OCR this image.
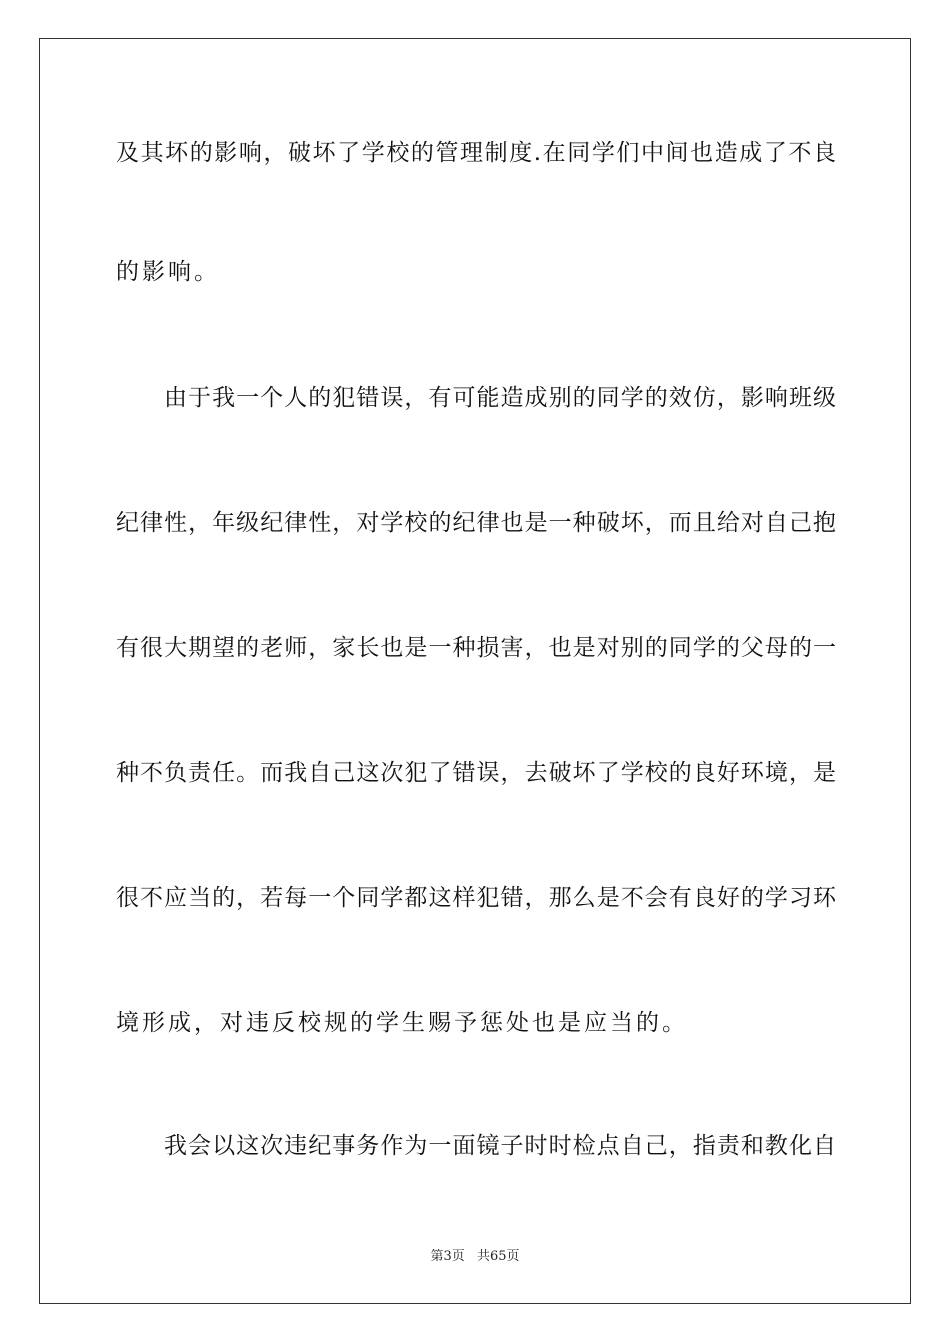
及其坏的影响，破坏了学校的管理制度.在同学们中间也造成了不良
的影响。
由于我一个人的犯错误，有可能造成别的同学的效仿，影响班级
纪律性，年级纪律性，对学校的纪律也是一种破坏，而且给对自己抱
有很大期望的老师，家长也是一种损害，也是对别的同学的父母的一
种不负责任。而我自己这次犯了错误，去破坏了学校的良好环境，是
很不应当的，若每一个同学都这样犯错，那么是不会有良好的学习环
境形成，对违反校规的学生赐予惩处也是应当的。
我会以这次违纪事务作为一面镜子时时检点自己，指责和教化自
第3页 共65页
